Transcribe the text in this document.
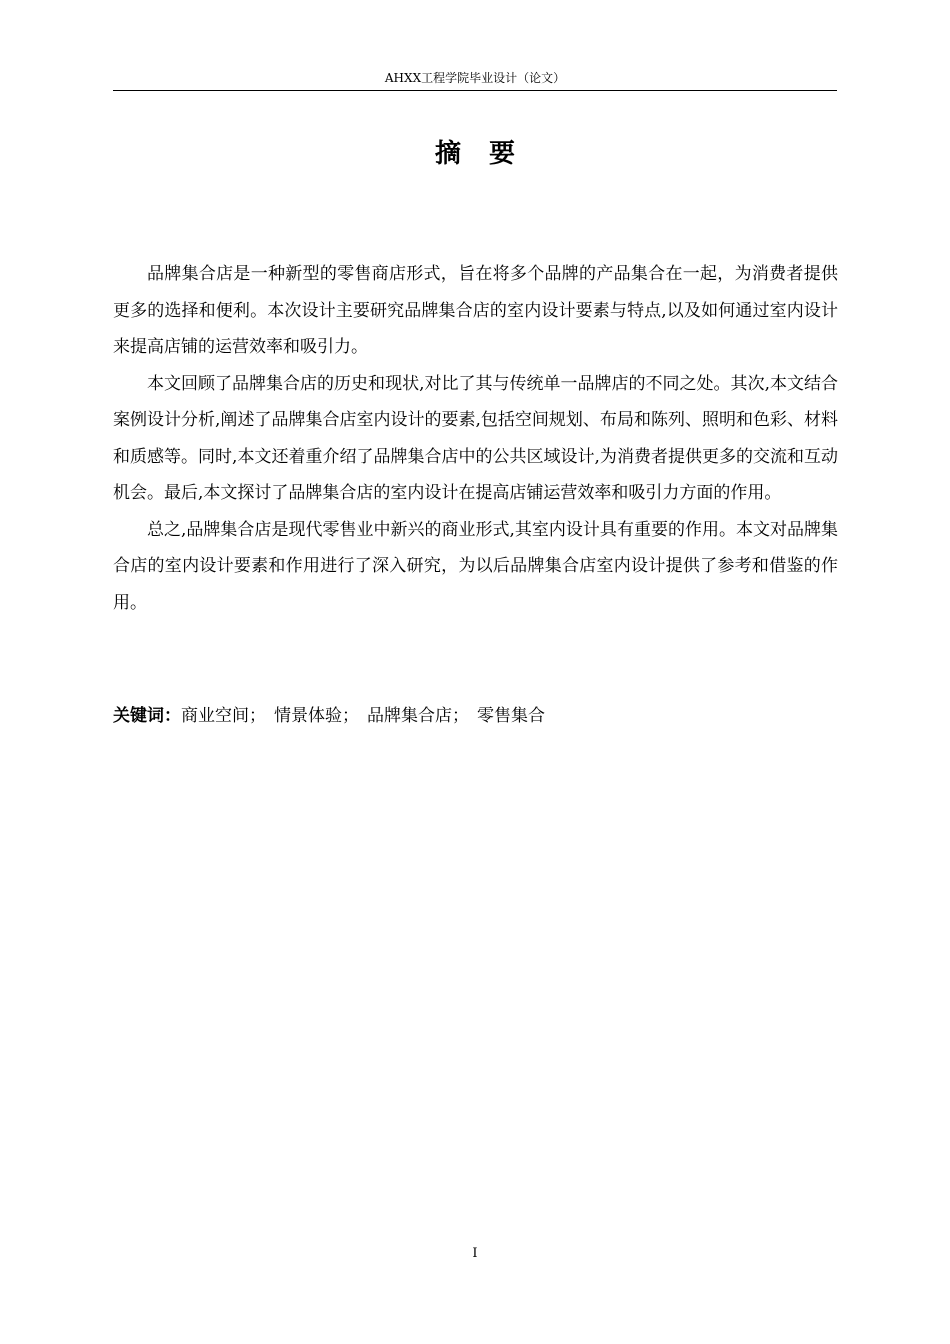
AHXX工程学院毕业设计（论文）
摘要

品牌集合店是一种新型的零售商店形式，旨在将多个品牌的产品集合在一起，为消费者提供更多的选择和便利。本次设计主要研究品牌集合店的室内设计要素与特点,以及如何通过室内设计来提高店铺的运营效率和吸引力。

本文回顾了品牌集合店的历史和现状,对比了其与传统单一品牌店的不同之处。其次,本文结合案例设计分析,阐述了品牌集合店室内设计的要素,包括空间规划、布局和陈列、照明和色彩、材料和质感等。同时,本文还着重介绍了品牌集合店中的公共区域设计,为消费者提供更多的交流和互动机会。最后,本文探讨了品牌集合店的室内设计在提高店铺运营效率和吸引力方面的作用。

总之,品牌集合店是现代零售业中新兴的商业形式,其室内设计具有重要的作用。本文对品牌集合店的室内设计要素和作用进行了深入研究，为以后品牌集合店室内设计提供了参考和借鉴的作用。

关键词：商业空间； 情景体验； 品牌集合店； 零售集合
I
